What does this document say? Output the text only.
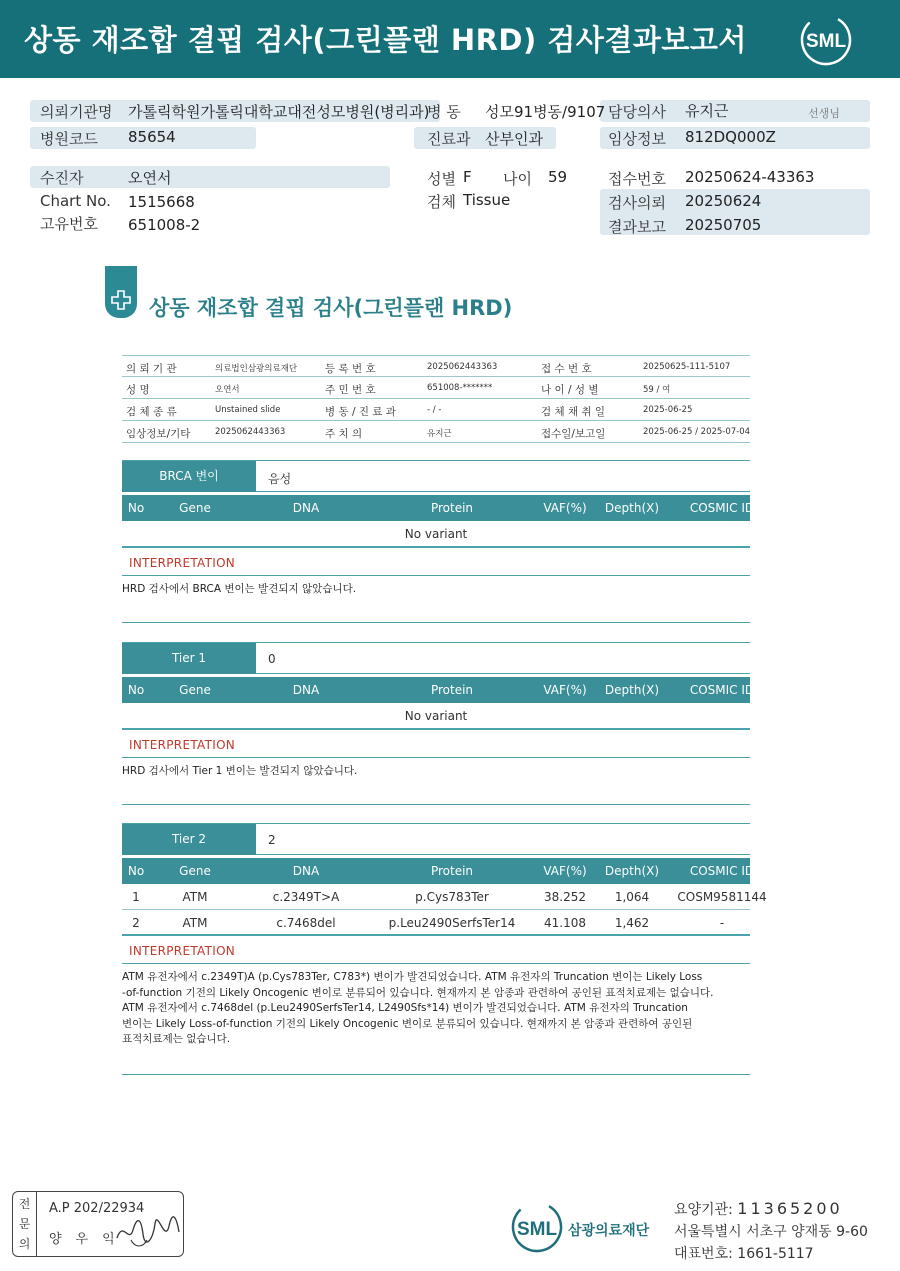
상동 재조합 결핍 검사(그린플랜 HRD) 검사결과보고서	SML
의뢰기관명 가톨릭학원가톨릭대학교대전성모병원(병리과)
병 동 성모91병동/9107 담당의사 유지근	선생님
병원코드 85654	진료과 산부인과	임상정보 812DQ000Z
수진자	오연서	성별 F 나이 59	접수번호 20250624-43363
Chart No. 1515668	검체 Tissue	검사의뢰 20250624
고유번호 651008-2	결과보고 20250705
상동 재조합 결핍 검사(그린플랜 HRD)
의 뢰 기 관	의료법인삼광의료재단	등 록 번 호	2025062443363	접 수 번 호	20250625-111-5107
성 명	오연서	주 민 번 호	651008-*******	나 이 / 성 별	59 / 여
검 체 종 류	Unstained slide	병 동 / 진 료 과	- / -	검 체 채 취 일	2025-06-25
임상정보/기타	2025062443363	주 치 의	유지근	접수일/보고일	2025-06-25 / 2025-07-04
BRCA 변이	음성
No	Gene	DNA	Protein	VAF(%) Depth(X)	COSMIC ID
No variant
INTERPRETATION
HRD 검사에서 BRCA 변이는 발견되지 않았습니다.
Tier 1	0
No	Gene	DNA	Protein	VAF(%) Depth(X)	COSMIC ID
No variant
INTERPRETATION
HRD 검사에서 Tier 1 변이는 발견되지 않았습니다.
Tier 2	2
No	Gene	DNA	Protein	VAF(%) Depth(X)	COSMIC ID
1	ATM	c.2349T>A	p.Cys783Ter	38.252 1,064 COSM9581144
2	ATM	c.7468del	p.Leu2490SerfsTer14 41.108 1,462	-
INTERPRETATION
ATM 유전자에서 c.2349T)A (p.Cys783Ter, C783*) 변이가 발견되었습니다. ATM 유전자의 Truncation 변이는 Likely Loss
-of-function 기전의 Likely Oncogenic 변이로 분류되어 있습니다. 현재까지 본 암종과 관련하여 공인된 표적치료제는 없습니다.
ATM 유전자에서 c.7468del (p.Leu2490SerfsTer14, L2490Sfs*14) 변이가 발견되었습니다. ATM 유전자의 Truncation
변이는 Likely Loss-of-function 기전의 Likely Oncogenic 변이로 분류되어 있습니다. 현재까지 본 암종과 관련하여 공인된
표적치료제는 없습니다.
전
문
의
A.P 202/22934
양우익	SML 삼광의료재단
요양기관: 11365200
서울특별시 서초구 양재동 9-60
대표번호: 1661-5117
